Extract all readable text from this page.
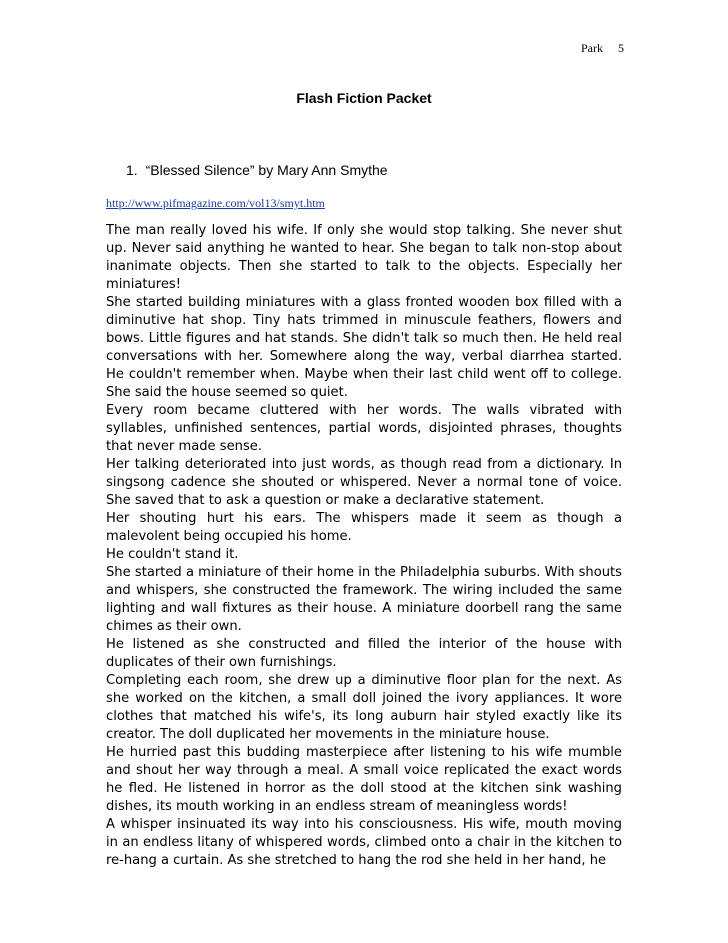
Park 5
Flash Fiction Packet
1. “Blessed Silence” by Mary Ann Smythe
http://www.pifmagazine.com/vol13/smyt.htm

The man really loved his wife. If only she would stop talking. She never shut up. Never said anything he wanted to hear. She began to talk non-stop about inanimate objects. Then she started to talk to the objects. Especially her miniatures!

She started building miniatures with a glass fronted wooden box filled with a diminutive hat shop. Tiny hats trimmed in minuscule feathers, flowers and bows. Little figures and hat stands. She didn't talk so much then. He held real conversations with her. Somewhere along the way, verbal diarrhea started. He couldn't remember when. Maybe when their last child went off to college. She said the house seemed so quiet.

Every room became cluttered with her words. The walls vibrated with syllables, unfinished sentences, partial words, disjointed phrases, thoughts that never made sense.

Her talking deteriorated into just words, as though read from a dictionary. In singsong cadence she shouted or whispered. Never a normal tone of voice. She saved that to ask a question or make a declarative statement.

Her shouting hurt his ears. The whispers made it seem as though a malevolent being occupied his home.

He couldn't stand it.

She started a miniature of their home in the Philadelphia suburbs. With shouts and whispers, she constructed the framework. The wiring included the same lighting and wall fixtures as their house. A miniature doorbell rang the same chimes as their own.

He listened as she constructed and filled the interior of the house with duplicates of their own furnishings.

Completing each room, she drew up a diminutive floor plan for the next. As she worked on the kitchen, a small doll joined the ivory appliances. It wore clothes that matched his wife's, its long auburn hair styled exactly like its creator. The doll duplicated her movements in the miniature house.

He hurried past this budding masterpiece after listening to his wife mumble and shout her way through a meal. A small voice replicated the exact words he fled. He listened in horror as the doll stood at the kitchen sink washing dishes, its mouth working in an endless stream of meaningless words!

A whisper insinuated its way into his consciousness. His wife, mouth moving in an endless litany of whispered words, climbed onto a chair in the kitchen to re-hang a curtain. As she stretched to hang the rod she held in her hand, he
